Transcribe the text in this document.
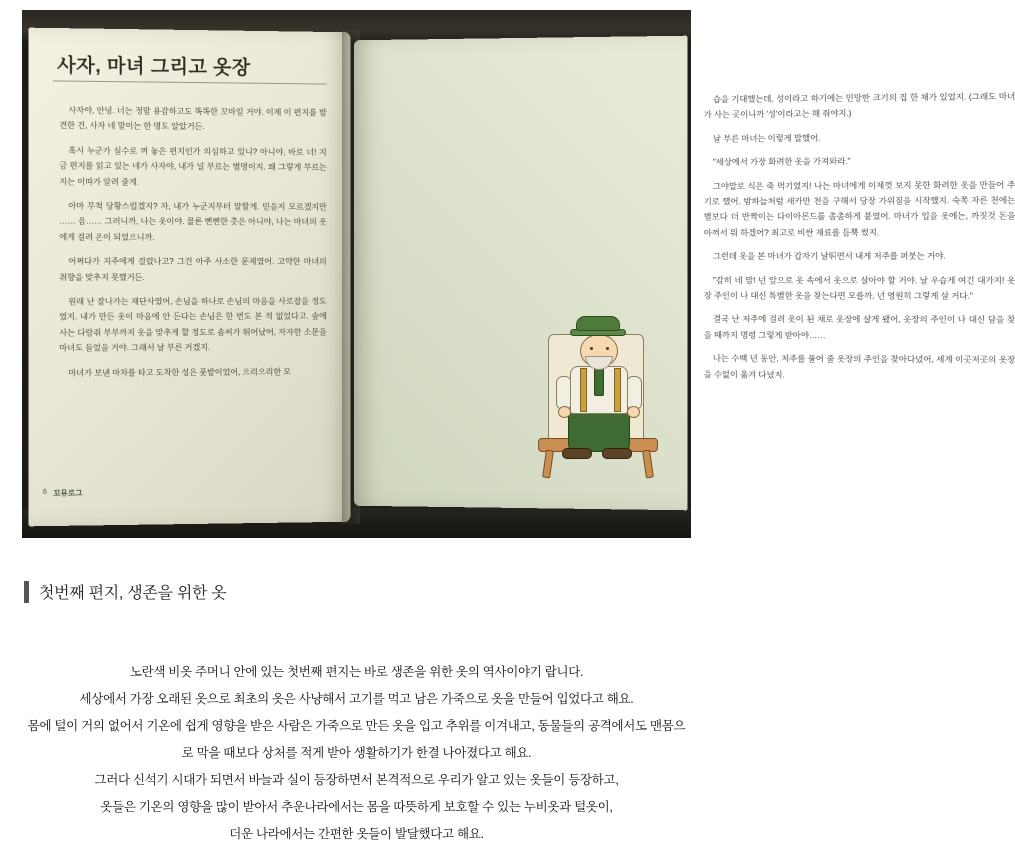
사자, 마녀 그리고 옷장

사자야, 안녕. 너는 정말 용감하고도 똑똑한 꼬마일 거야. 이제 이 편지를 발견한 건, 사자 네 말이는 한 명도 알았거든.

혹시 누군가 실수로 껴 놓은 편지인가 의심하고 있니? 아니야, 바로 너! 지금 편지를 읽고 있는 네가 사자야, 내가 널 부르는 별명이지. 왜 그렇게 부르는지는 이따가 알려 줄게.

아마 무척 당황스럽겠지? 자, 내가 누군지부터 말할게. 믿을지 모르겠지만 …… 음…… 그러니까, 나는 옷이야. 물론 뻔뻔한 촛은 아니야, 나는 마녀의 옷에게 걸려 온이 되었으니까.

어쩌다가 지주에게 걸렸나고? 그건 아주 사소한 문제였어. 고약한 마녀의 취향을 맞추지 못했거든.

원래 난 잘나가는 재단사였어, 손님을 하나로 손님의 마음을 사로잡을 정도였지. 내가 만든 옷이 마음에 안 든다는 손님은 한 번도 본 적 없었다고. 숲에 사는 다람쥐 부부까지 옷을 맞추게 할 정도로 솜씨가 뛰어났어, 자자한 소문을 마녀도 들었을 거야. 그래서 날 부른 거겠지.

마녀가 보낸 마차를 타고 도착한 성은 풋밭이었어, 으리으리한 모

6 꼬뮤로그

습을 기대했는데, 성이라고 하기에는 민망한 크기의 집 한 채가 있었지. (그래도 마녀가 사는 곳이니까 '성'이라고는 해 줘야지.)

날 부른 마녀는 이렇게 말했어.

"세상에서 가장 화려한 옷을 가져와라."

그야말로 식은 죽 먹기였지! 나는 마녀에게 이제껏 보지 못한 화려한 옷을 만들어 주기로 했어. 밤하늘처럼 새카만 천을 구해서 당장 가위질을 시작했지. 숙쪽 자른 천에는 별보다 더 반짝이는 다이아몬드를 촘촘하게 붙였어. 마녀가 입을 옷에는, 까짓것 돈을 아껴서 뭐 하겠어? 최고로 비싼 재료를 듬뿍 썼지.

그런데 옷을 본 마녀가 갑자기 날뛰면서 내게 저주를 퍼붓는 거야.

"감히 네 맘! 넌 앞으로 옷 속에서 옷으로 살아야 할 거야. 날 우습게 여긴 대가지! 옷장 주인이 나 대신 특별한 옷을 찾는다면 모를까, 넌 영원히 그렇게 살 거다."

결국 난 저주에 걸려 옷이 된 채로 옷장에 살게 됐어, 옷장의 주인이 나 대신 담을 찾을 때까지 명령 그렇게 받아야……

나는 수백 년 동안, 저주를 풀어 줄 옷장의 주인을 찾아다녔어, 세계 이곳저곳의 옷장을 수없이 옮겨 다녔지.

첫번째 편지, 생존을 위한 옷

노란색 비옷 주머니 안에 있는 첫번째 편지는 바로 생존을 위한 옷의 역사이야기 랍니다.

세상에서 가장 오래된 옷으로 최초의 옷은 사냥해서 고기를 먹고 남은 가죽으로 옷을 만들어 입었다고 해요.

몸에 털이 거의 없어서 기온에 쉽게 영향을 받은 사람은 가죽으로 만든 옷을 입고 추위를 이겨내고, 동물들의 공격에서도 맨몸으로 막을 때보다 상처를 적게 받아 생활하기가 한결 나아졌다고 해요.

그러다 신석기 시대가 되면서 바늘과 실이 등장하면서 본격적으로 우리가 알고 있는 옷들이 등장하고,

옷들은 기온의 영향을 많이 받아서 추운나라에서는 몸을 따뜻하게 보호할 수 있는 누비옷과 털옷이,

더운 나라에서는 간편한 옷들이 발달했다고 해요.
